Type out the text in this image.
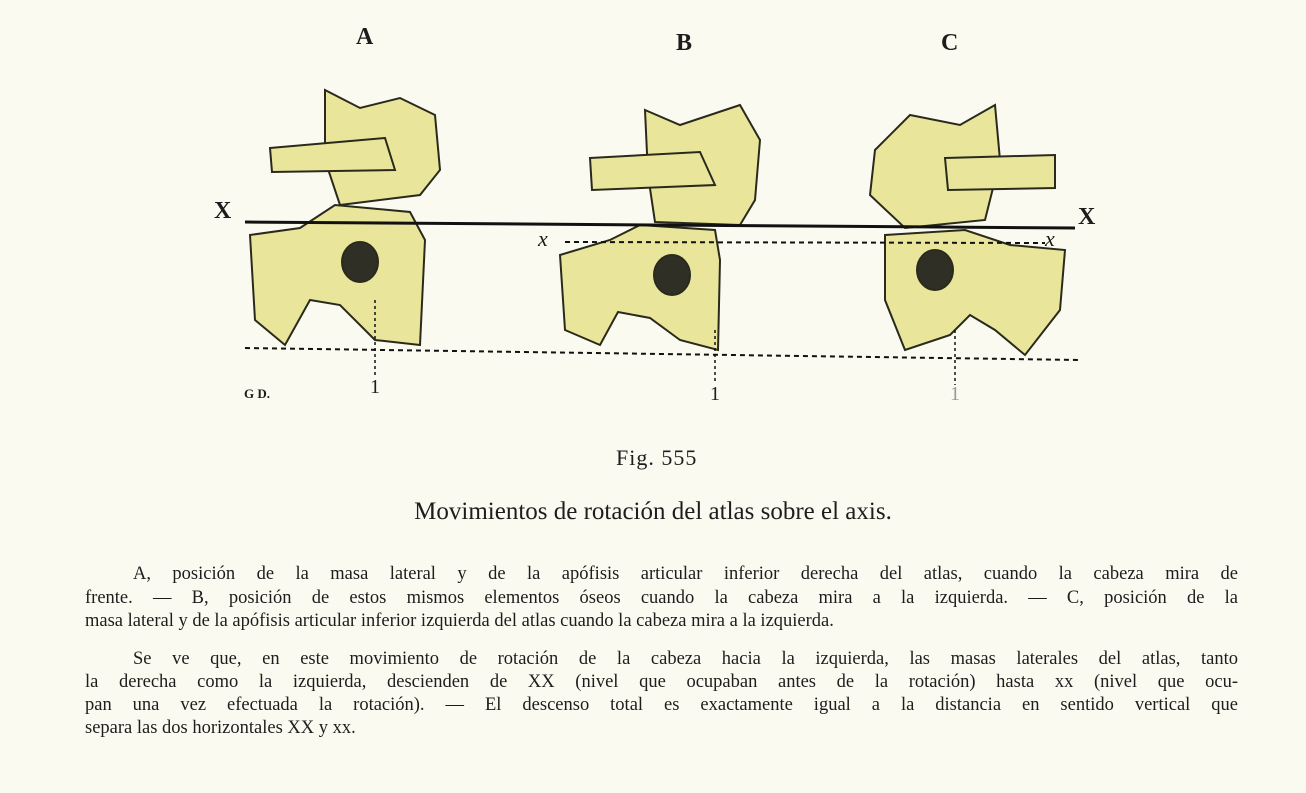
A	B	C
X	X
x	x
1	1	1
G D.
Fig. 555
Movimientos de rotación del atlas sobre el axis.
A, posición de la masa lateral y de la apófisis articular inferior derecha del atlas, cuando la cabeza mira de
frente. — B, posición de estos mismos elementos óseos cuando la cabeza mira a la izquierda. — C, posición de la
masa lateral y de la apófisis articular inferior izquierda del atlas cuando la cabeza mira a la izquierda.
Se ve que, en este movimiento de rotación de la cabeza hacia la izquierda, las masas laterales del atlas, tanto
la derecha como la izquierda, descienden de XX (nivel que ocupaban antes de la rotación) hasta xx (nivel que ocu-
pan una vez efectuada la rotación). — El descenso total es exactamente igual a la distancia en sentido vertical que
separa las dos horizontales XX y xx.
